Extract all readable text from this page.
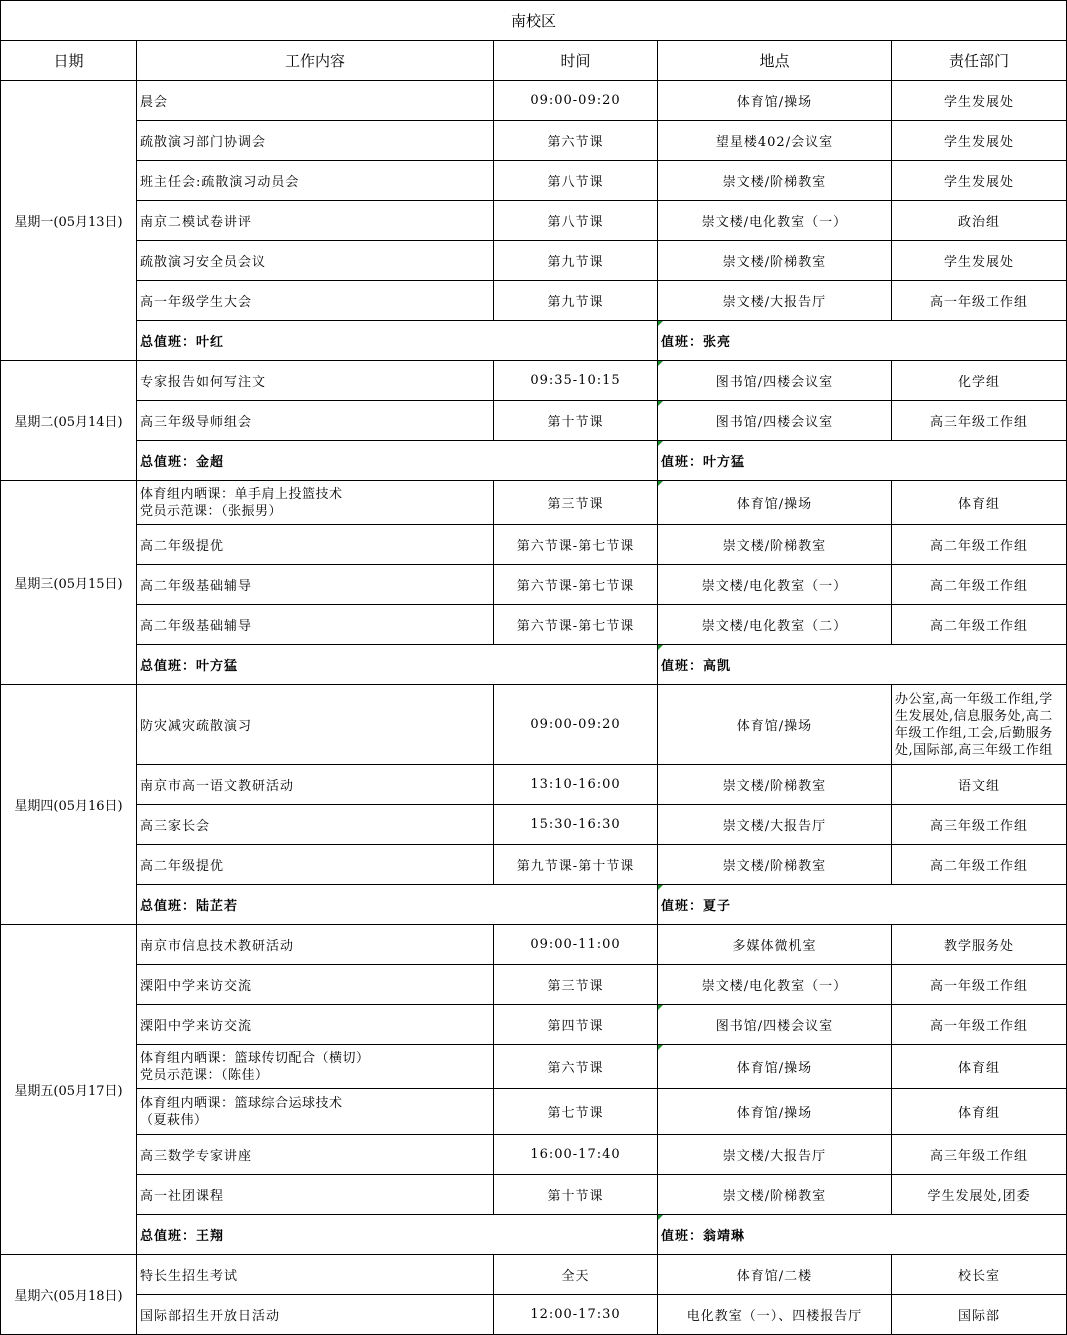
南校区				
日期	工作内容	时间	地点	责任部门
星期一(05月13日)	晨会	09:00-09:20	体育馆/操场	学生发展处
	疏散演习部门协调会	第六节课	望星楼402/会议室	学生发展处
	班主任会:疏散演习动员会	第八节课	崇文楼/阶梯教室	学生发展处
	南京二模试卷讲评	第八节课	崇文楼/电化教室（一）	政治组
	疏散演习安全员会议	第九节课	崇文楼/阶梯教室	学生发展处
	高一年级学生大会	第九节课	崇文楼/大报告厅	高一年级工作组
	总值班：叶红		值班：张亮	
星期二(05月14日)	专家报告如何写注文	09:35-10:15	图书馆/四楼会议室	化学组
	高三年级导师组会	第十节课	图书馆/四楼会议室	高三年级工作组
	总值班：金超		值班：叶方猛	
星期三(05月15日)	体育组内晒课：单手肩上投篮技术
党员示范课：（张振男）	第三节课	体育馆/操场	体育组
	高二年级提优	第六节课-第七节课	崇文楼/阶梯教室	高二年级工作组
	高二年级基础辅导	第六节课-第七节课	崇文楼/电化教室（一）	高二年级工作组
	高二年级基础辅导	第六节课-第七节课	崇文楼/电化教室（二）	高二年级工作组
	总值班：叶方猛		值班：高凯	
星期四(05月16日)	防灾减灾疏散演习	09:00-09:20	体育馆/操场	办公室,高一年级工作组,学生发展处,信息服务处,高二年级工作组,工会,后勤服务处,国际部,高三年级工作组
	南京市高一语文教研活动	13:10-16:00	崇文楼/阶梯教室	语文组
	高三家长会	15:30-16:30	崇文楼/大报告厅	高三年级工作组
	高二年级提优	第九节课-第十节课	崇文楼/阶梯教室	高二年级工作组
	总值班：陆芷若		值班：夏子	
星期五(05月17日)	南京市信息技术教研活动	09:00-11:00	多媒体微机室	教学服务处
	溧阳中学来访交流	第三节课	崇文楼/电化教室（一）	高一年级工作组
	溧阳中学来访交流	第四节课	图书馆/四楼会议室	高一年级工作组
	体育组内晒课：篮球传切配合（横切）
党员示范课：（陈佳）	第六节课	体育馆/操场	体育组
	体育组内晒课：篮球综合运球技术
（夏萩伟）	第七节课	体育馆/操场	体育组
	高三数学专家讲座	16:00-17:40	崇文楼/大报告厅	高三年级工作组
	高一社团课程	第十节课	崇文楼/阶梯教室	学生发展处,团委
	总值班：王翔		值班：翁靖琳	
星期六(05月18日)	特长生招生考试	全天	体育馆/二楼	校长室
	国际部招生开放日活动	12:00-17:30	电化教室（一）、四楼报告厅	国际部
